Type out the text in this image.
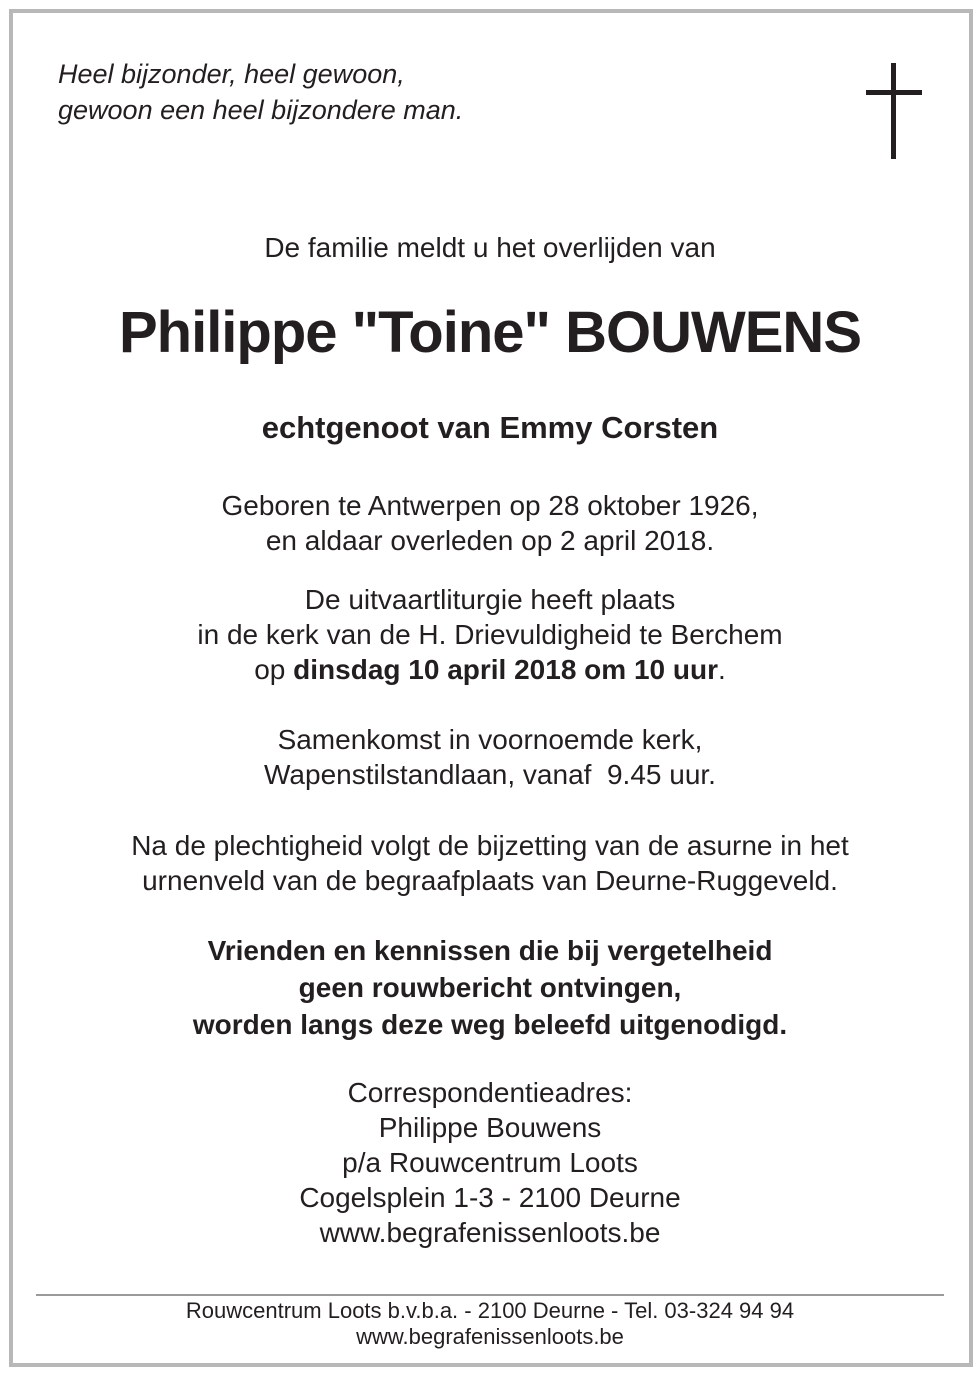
Heel bijzonder, heel gewoon,
gewoon een heel bijzondere man.
De familie meldt u het overlijden van
Philippe "Toine" BOUWENS
echtgenoot van Emmy Corsten
Geboren te Antwerpen op 28 oktober 1926,
en aldaar overleden op 2 april 2018.
De uitvaartliturgie heeft plaats
in de kerk van de H. Drievuldigheid te Berchem
op dinsdag 10 april 2018 om 10 uur.
Samenkomst in voornoemde kerk,
Wapenstilstandlaan, vanaf  9.45 uur.
Na de plechtigheid volgt de bijzetting van de asurne in het
urnenveld van de begraafplaats van Deurne-Ruggeveld.
Vrienden en kennissen die bij vergetelheid
geen rouwbericht ontvingen,
worden langs deze weg beleefd uitgenodigd.
Correspondentieadres:
Philippe Bouwens
p/a Rouwcentrum Loots
Cogelsplein 1-3 - 2100 Deurne
www.begrafenissenloots.be
Rouwcentrum Loots b.v.b.a. - 2100 Deurne - Tel. 03-324 94 94
www.begrafenissenloots.be
